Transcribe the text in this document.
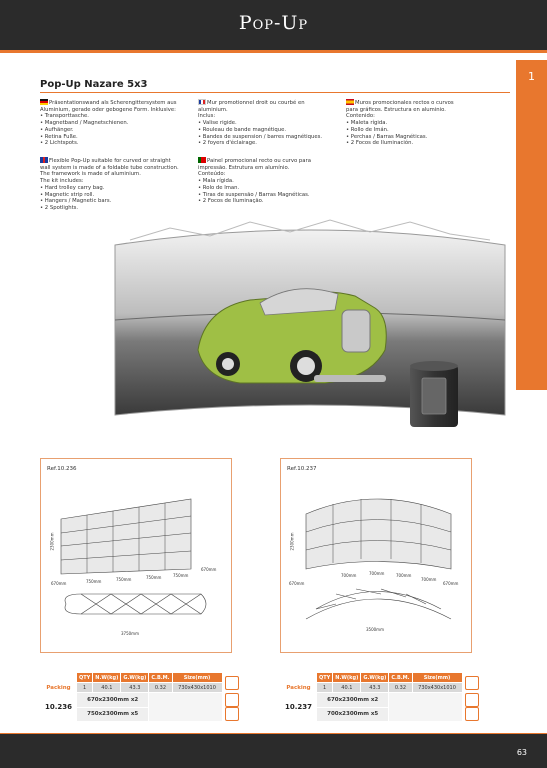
Pop-Up
1
Pop-Up Nazare 5x3
Präsentationswand als Scherengittersystem aus
Aluminium, gerade oder gebogene Form. Inklusive:
• Transporttasche.
• Magnetband / Magnetschienen.
• Aufhänger.
• Retina Fuße.
• 2 Lichtspots.
Flexible Pop-Up suitable for curved or straight
wall system is made of a foldable tube construction.
The framework is made of aluminium.
The kit includes:
• Hard trolley carry bag.
• Magnetic strip roll.
• Hangers / Magnetic bars.
• 2 Spotlights.
Mur promotionnel droit ou courbé en
aluminium.
Inclus:
• Valise rigide.
• Rouleau de bande magnétique.
• Bandes de suspension / barres magnétiques.
• 2 foyers d'éclairage.
Painel promocional recto ou curvo para
impressão. Estrutura em alumínio.
Conteúdo:
• Mala rígida.
• Rolo de Iman.
• Tiras de suspensão / Barras Magnéticas.
• 2 Focos de Iluminação.
Muros promocionales rectos o curvos
para gráficos. Estructura en aluminio.
Contenido:
• Maleta rígida.
• Rollo de Imán.
• Perchas / Barras Magnéticas.
• 2 Focos de Iluminación.
Ref.10.236
2300mm
670mm	750mm	750mm	750mm	750mm
670mm
3750mm
Ref.10.237
2300mm
670mm
700mm	700mm	700mm
700mm
670mm
3500mm
	QTY	N.W(kg)	G.W(kg)	C.B.M.	Size(mm)	
Packing	1	40.1	43.3	0.32	730x430x1010	
10.236	670x2300mm x2					
	750x2300mm x5					
	QTY	N.W(kg)	G.W(kg)	C.B.M.	Size(mm)	
Packing	1	40.1	43.3	0.32	730x430x1010	
10.237	670x2300mm x2					
	700x2300mm x5					
63
